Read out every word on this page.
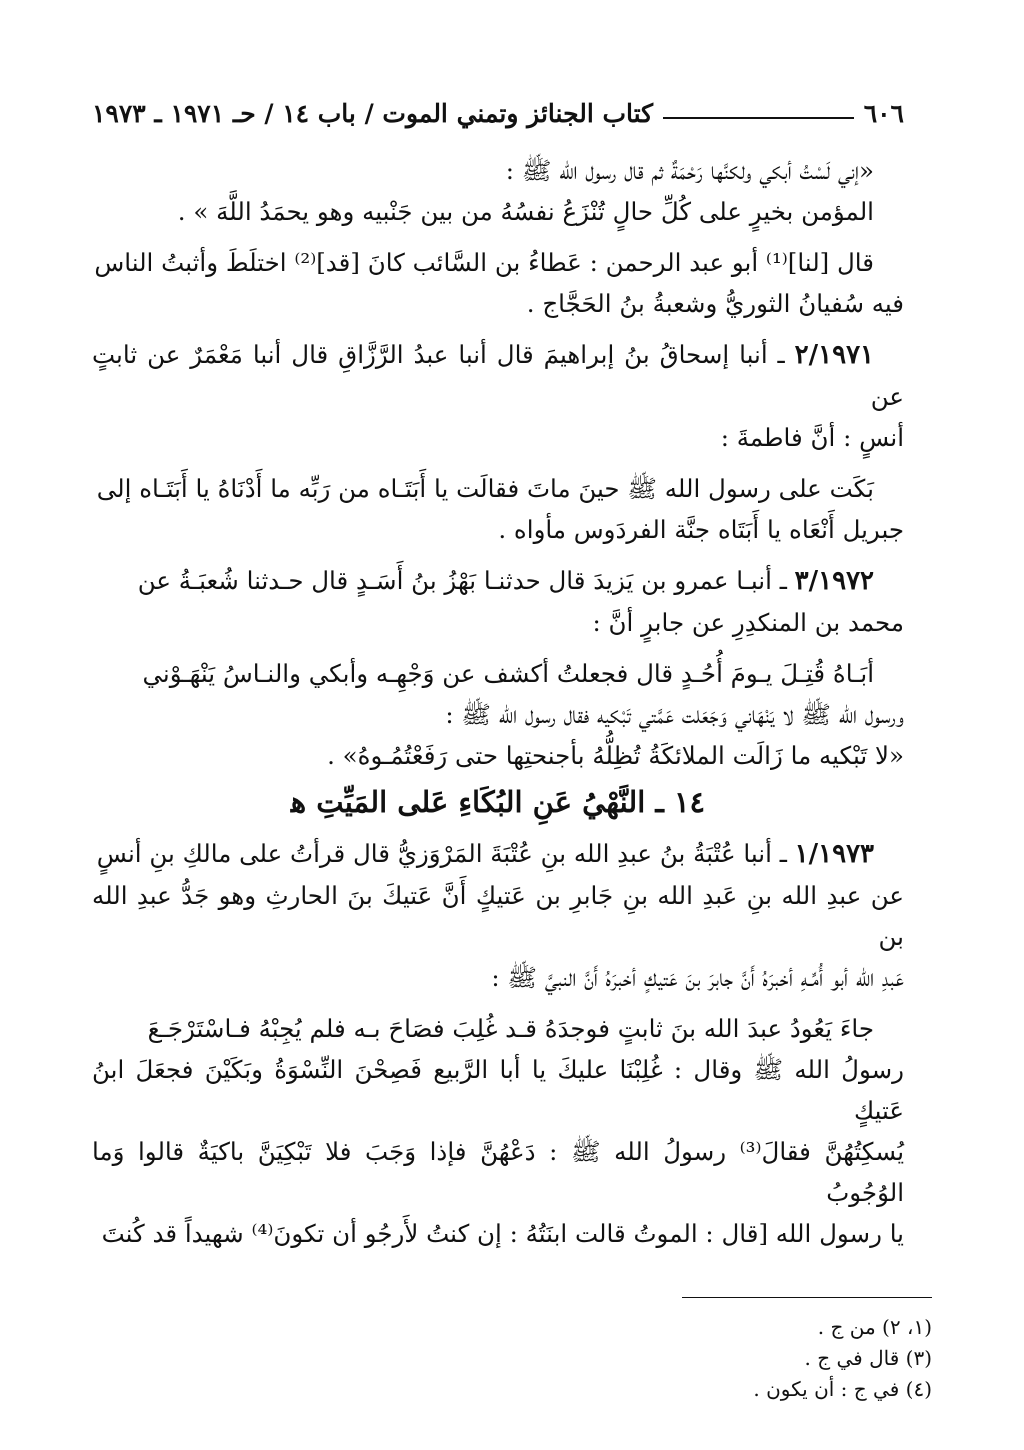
٦٠٦
كتاب الجنائز وتمني الموت / باب ١٤ / حـ ١٩٧١ ـ ١٩٧٣

«إني لَسْتُ أبكي ولكنَّها رَحْمَةٌ ثم قال رسول الله ﷺ :

المؤمن بخيرٍ على كُلِّ حالٍ تُنْزَعُ نفسُهُ من بين جَنْبيه وهو يحمَدُ اللَّهَ » .

قال [لنا]⁽¹⁾ أبو عبد الرحمن : عَطاءُ بن السَّائب كانَ [قد]⁽²⁾ اختلَطَ وأثبتُ الناس

فيه سُفيانُ الثوريُّ وشعبةُ بنُ الحَجَّاج .

٢/١٩٧١ ـ أنبا إسحاقُ بنُ إبراهيمَ قال أنبا عبدُ الرَّزَّاقِ قال أنبا مَعْمَرٌ عن ثابتٍ عن

أنسٍ : أنَّ فاطمةَ :

بَكَت على رسول الله ﷺ حينَ ماتَ فقالَت يا أَبَتَـاه من رَبِّه ما أَدْنَاهُ يا أَبَتَـاه إلى

جبريل أَنْعَاه يا أَبَتَاه جنَّة الفردَوس مأواه .

٣/١٩٧٢ ـ أنبـا عمرو بن يَزيدَ قال حدثنـا بَهْزُ بنُ أَسَـدٍ قال حـدثنا شُعبَـةُ عن

محمد بن المنكدِرِ عن جابرٍ أنَّ :

أبَـاهُ قُتِـلَ يـومَ أُحُـدٍ قال فجعلتُ أكشف عن وَجْهِـه وأبكي والنـاسُ يَنْهَـوْني

ورسول الله ﷺ لا يَنْهَاني وَجَعَلت عَمَّتي تَبْكيه فقال رسول الله ﷺ :

«لا تَبْكيه ما زَالَت الملائكَةُ تُظِلُّهُ بأجنحتِها حتى رَفَعْتُمُـوهُ» .

١٤ ـ النَّهْيُ عَنِ البُكَاءِ عَلى المَيِّتِ ﻫ

١/١٩٧٣ ـ أنبا عُتْبَةُ بنُ عبدِ الله بنِ عُتْبَةَ المَرْوَزيُّ قال قرأتُ على مالكِ بنِ أنسٍ

عن عبدِ الله بنِ عَبدِ الله بنِ جَابرِ بن عَتيكٍ أَنَّ عَتيكَ بنَ الحارثِ وهو جَدُّ عبدِ الله بن

عَبدِ الله أبو أُمِّـهِ أخبرَهُ أَنَّ جابرَ بنَ عَتيكٍ أخبرَهُ أَنَّ النبيَّ ﷺ :

جاءَ يَعُودُ عبدَ الله بنَ ثابتٍ فوجدَهُ قـد غُلِبَ فصَاحَ بـه فلم يُجِبْهُ فـاسْتَرْجَـعَ

رسولُ الله ﷺ وقال : غُلِبْنَا عليكَ يا أبا الرَّبيع فَصِحْنَ النِّسْوَةُ وبَكَيْنَ فجعَلَ ابنُ عَتيكٍ

يُسكِتُهُنَّ فقالَ⁽³⁾ رسولُ الله ﷺ : دَعْهُنَّ فإذا وَجَبَ فلا تَبْكِيَنَّ باكيَةٌ قالوا وَما الوُجُوبُ

يا رسول الله [قال : الموتُ قالت ابنَتُهُ : إن كنتُ لأَرجُو أن تكونَ⁽⁴⁾ شهيداً قد كُنتَ

(١، ٢) من ج .

(٣) قال في ج .

(٤) في ج : أن يكون .
